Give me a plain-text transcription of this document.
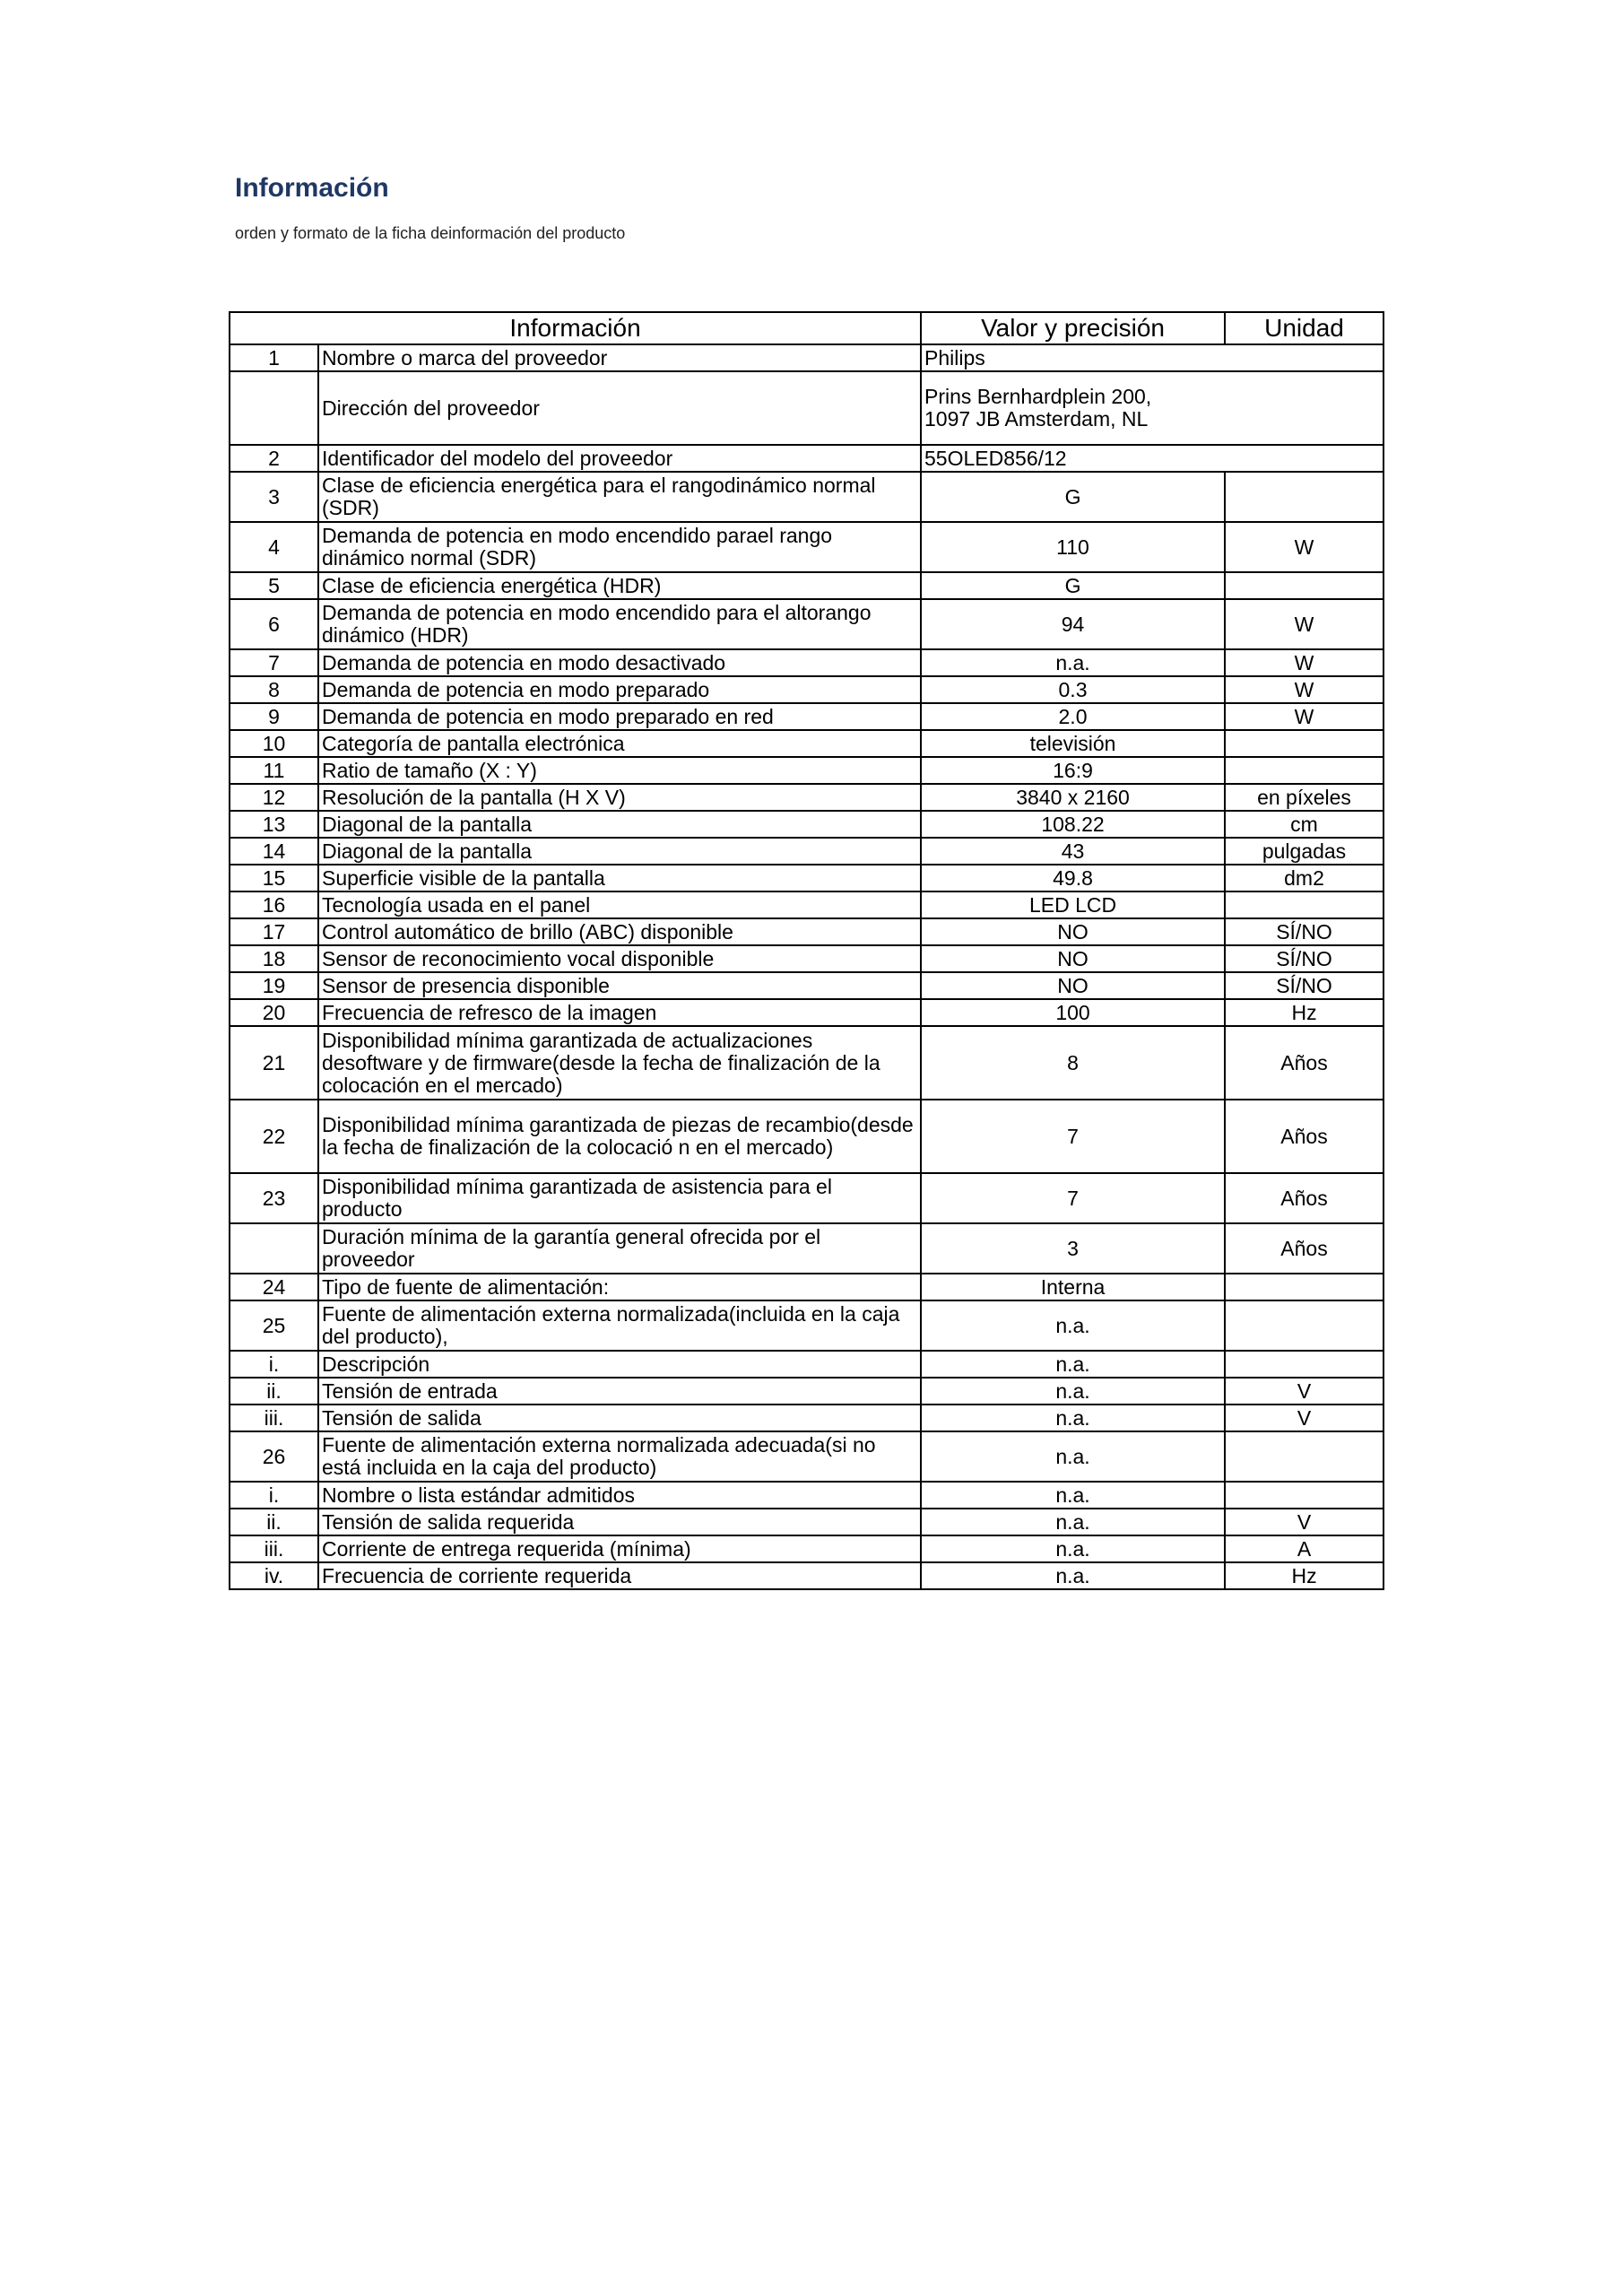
Información

orden y formato de la ficha deinformación del producto

Información		Valor y precisión	Unidad
1	Nombre o marca del proveedor	Philips	
	Dirección del proveedor	Prins Bernhardplein 200,
1097 JB Amsterdam, NL	

2	Identificador del modelo del proveedor	55OLED856/12	
3	Clase de eficiencia energética para el rangodinámico normal (SDR)	G	
4	Demanda de potencia en modo encendido parael rango dinámico normal (SDR)	110	W
5	Clase de eficiencia energética (HDR)	G	
6	Demanda de potencia en modo encendido para el altorango dinámico (HDR)	94	W
7	Demanda de potencia en modo desactivado	n.a.	W
8	Demanda de potencia en modo preparado	0.3	W
9	Demanda de potencia en modo preparado en red	2.0	W
10	Categoría de pantalla electrónica	televisión	
11	Ratio de tamaño (X : Y)	16:9	
12	Resolución de la pantalla (H X V)	3840 x 2160	en píxeles
13	Diagonal de la pantalla	108.22	cm
14	Diagonal de la pantalla	43	pulgadas
15	Superficie visible de la pantalla	49.8	dm2
16	Tecnología usada en el panel	LED LCD	
17	Control automático de brillo (ABC) disponible	NO	SÍ/NO
18	Sensor de reconocimiento vocal disponible	NO	SÍ/NO
19	Sensor de presencia disponible	NO	SÍ/NO
20	Frecuencia de refresco de la imagen	100	Hz
21	Disponibilidad mínima garantizada de actualizaciones desoftware y de firmware(desde la fecha de finalización de la colocación en el mercado)	8	Años
22	Disponibilidad mínima garantizada de piezas de recambio(desde la fecha de finalización de la colocació n en el mercado)	7	Años
23	Disponibilidad mínima garantizada de asistencia para el producto	7	Años
	Duración mínima de la garantía general ofrecida por el proveedor	3	Años
24	Tipo de fuente de alimentación:	Interna	
25	Fuente de alimentación externa normalizada(incluida en la caja del producto),	n.a.	
i.	Descripción	n.a.	
ii.	Tensión de entrada	n.a.	V
iii.	Tensión de salida	n.a.	V
26	Fuente de alimentación externa normalizada adecuada(si no está incluida en la caja del producto)	n.a.	
i.	Nombre o lista estándar admitidos	n.a.	
ii.	Tensión de salida requerida	n.a.	V
iii.	Corriente de entrega requerida (mínima)	n.a.	A
iv.	Frecuencia de corriente requerida	n.a.	Hz
